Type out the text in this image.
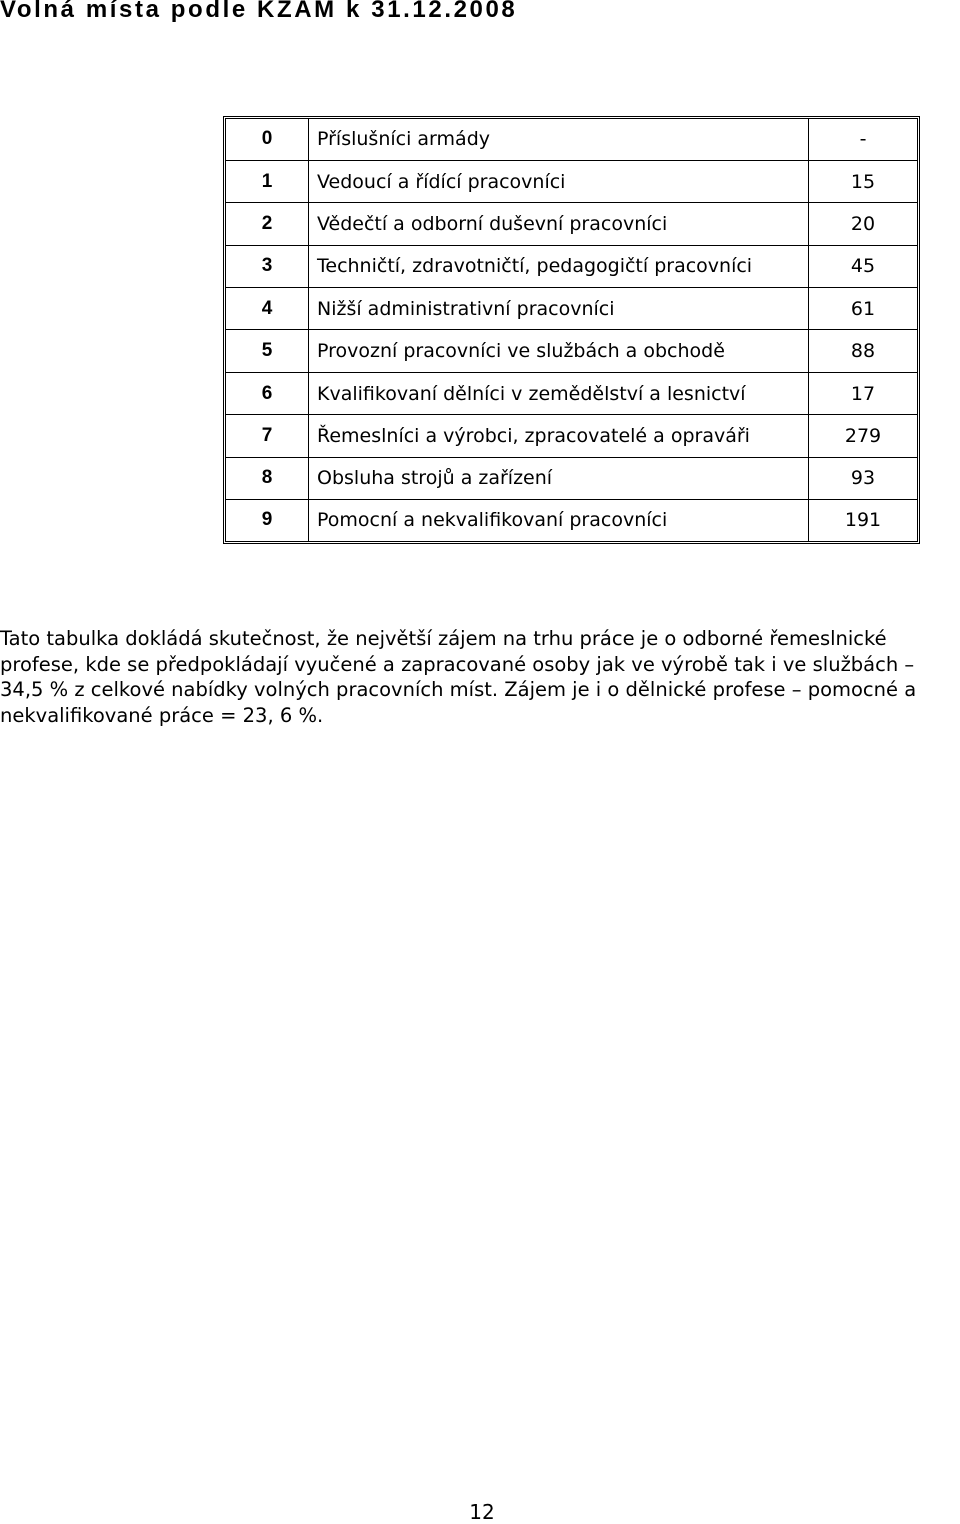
Volná místa podle KZAM k 31.12.2008
0	Příslušníci armády	-
1	Vedoucí a řídící pracovníci	15
2	Vědečtí a odborní duševní pracovníci	20
3	Techničtí, zdravotničtí, pedagogičtí pracovníci	45
4	Nižší administrativní pracovníci	61
5	Provozní pracovníci ve službách a obchodě	88
6	Kvalifikovaní dělníci v zemědělství a lesnictví	17
7	Řemeslníci a výrobci, zpracovatelé a opraváři	279
8	Obsluha strojů a zařízení	93
9	Pomocní a nekvalifikovaní pracovníci	191

Tato tabulka dokládá skutečnost, že největší zájem na trhu práce je o odborné řemeslnické profese, kde se předpokládají vyučené a zapracované osoby jak ve výrobě tak i ve službách – 34,5 % z celkové nabídky volných pracovních míst. Zájem je i o dělnické profese – pomocné a nekvalifikované práce = 23, 6 %.

12
